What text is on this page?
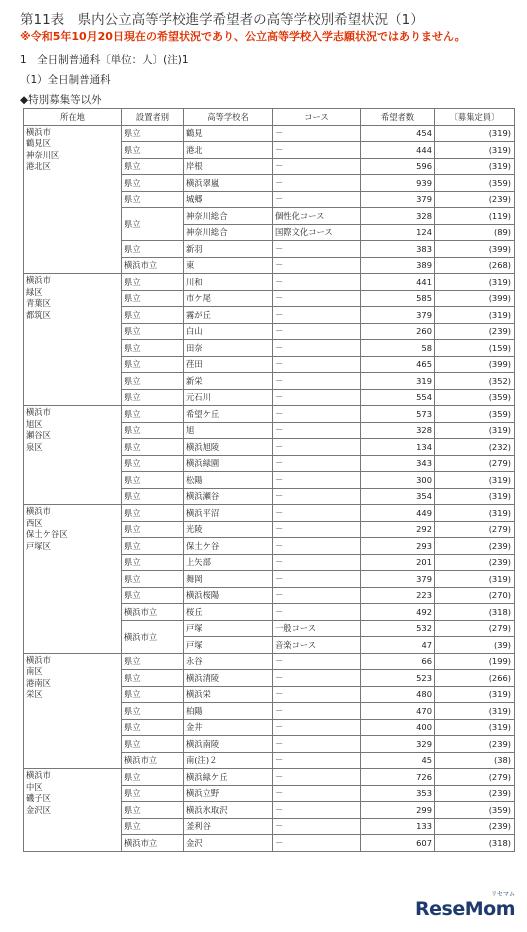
第11表　県内公立高等学校進学希望者の高等学校別希望状況（1）
※令和5年10月20日現在の希望状況であり、公立高等学校入学志願状況ではありません。
1　全日制普通科〔単位：人〕(注)1
（1）全日制普通科
◆特別募集等以外
所在地	設置者別	高等学校名	コース	希望者数	〔募集定員〕

横浜市
鶴見区
神奈川区
港北区	県立	鶴見	－	454	(319)
	県立	港北	－	444	(319)
	県立	岸根	－	596	(319)
	県立	横浜翠嵐	－	939	(359)
	県立	城郷	－	379	(239)
	県立	神奈川総合	個性化コース	328	(119)
		神奈川総合	国際文化コース	124	(89)
	県立	新羽	－	383	(399)
	横浜市立	東	－	389	(268)

横浜市
緑区
青葉区
都筑区	県立	川和	－	441	(319)
	県立	市ケ尾	－	585	(399)
	県立	霧が丘	－	379	(319)
	県立	白山	－	260	(239)
	県立	田奈	－	58	(159)
	県立	荏田	－	465	(399)
	県立	新栄	－	319	(352)
	県立	元石川	－	554	(359)

横浜市
旭区
瀬谷区
泉区	県立	希望ケ丘	－	573	(359)
	県立	旭	－	328	(319)
	県立	横浜旭陵	－	134	(232)
	県立	横浜緑園	－	343	(279)
	県立	松陽	－	300	(319)
	県立	横浜瀬谷	－	354	(319)

横浜市
西区
保土ケ谷区
戸塚区	県立	横浜平沼	－	449	(319)
	県立	光陵	－	292	(279)
	県立	保土ケ谷	－	293	(239)
	県立	上矢部	－	201	(239)
	県立	舞岡	－	379	(319)
	県立	横浜桜陽	－	223	(270)
	横浜市立	桜丘	－	492	(318)
	横浜市立	戸塚	一般コース	532	(279)
		戸塚	音楽コース	47	(39)

横浜市
南区
港南区
栄区	県立	永谷	－	66	(199)
	県立	横浜清陵	－	523	(266)
	県立	横浜栄	－	480	(319)
	県立	柏陽	－	470	(319)
	県立	金井	－	400	(319)
	県立	横浜南陵	－	329	(239)
	横浜市立	南(注)２	－	45	(38)

横浜市
中区
磯子区
金沢区	県立	横浜緑ケ丘	－	726	(279)
	県立	横浜立野	－	353	(239)
	県立	横浜氷取沢	－	299	(359)
	県立	釜利谷	－	133	(239)
	横浜市立	金沢	－	607	(318)
リセマム
ReseMom
